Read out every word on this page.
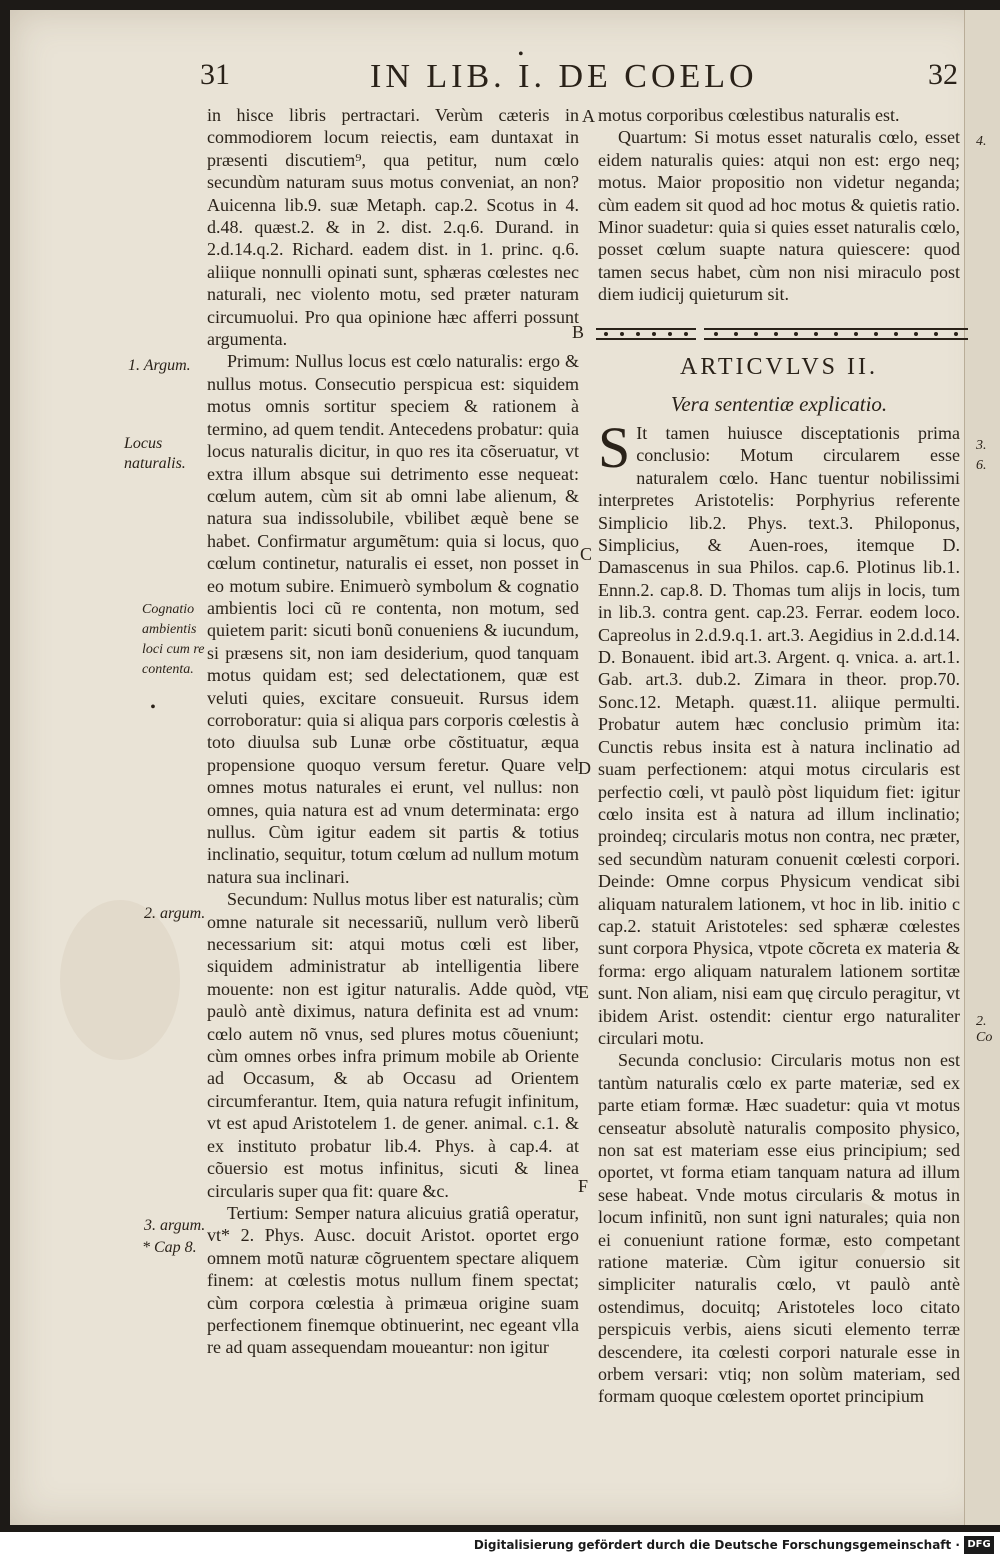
4.
3.
6.
2. Co
•
31	IN LIB. I. DE COELO	32

in hisce libris pertractari. Verùm cæteris in commodiorem locum reiectis, eam duntaxat in præsenti discutiem⁹, qua petitur, num cœlo secundùm naturam suus motus conveniat, an non? Auicenna lib.9. suæ Metaph. cap.2. Scotus in 4. d.48. quæst.2. & in 2. dist. 2.q.6. Durand. in 2.d.14.q.2. Richard. eadem dist. in 1. princ. q.6. aliique nonnulli opinati sunt, sphæras cœlestes nec naturali, nec violento motu, sed præter naturam circumuolui. Pro qua opinione hæc afferri possunt argumenta.

Primum: Nullus locus est cœlo naturalis: ergo & nullus motus. Consecutio perspicua est: siquidem motus omnis sortitur speciem & rationem à termino, ad quem tendit. Antecedens probatur: quia locus naturalis dicitur, in quo res ita cõseruatur, vt extra illum absque sui detrimento esse nequeat: cœlum autem, cùm sit ab omni labe alienum, & natura sua indissolubile, vbilibet æquè bene se habet. Confirmatur argumẽtum: quia si locus, quo cœlum continetur, naturalis ei esset, non posset in eo motum subire. Enimuerò symbolum & cognatio ambientis loci cũ re contenta, non motum, sed quietem parit: sicuti bonũ conueniens & iucundum, si præsens sit, non iam desiderium, quod tanquam motus quidam est; sed delectationem, quæ est veluti quies, excitare consueuit. Rursus idem corroboratur: quia si aliqua pars corporis cœlestis à toto diuulsa sub Lunæ orbe cõstituatur, æqua propensione quoquo versum feretur. Quare vel omnes motus naturales ei erunt, vel nullus: non omnes, quia natura est ad vnum determinata: ergo nullus. Cùm igitur eadem sit partis & totius inclinatio, sequitur, totum cœlum ad nullum motum natura sua inclinari.

Secundum: Nullus motus liber est naturalis; cùm omne naturale sit necessariũ, nullum verò liberũ necessarium sit: atqui motus cœli est liber, siquidem administratur ab intelligentia libere mouente: non est igitur naturalis. Adde quòd, vt paulò antè diximus, natura definita est ad vnum: cœlo autem nõ vnus, sed plures motus cõueniunt; cùm omnes orbes infra primum mobile ab Oriente ad Occasum, & ab Occasu ad Orientem circumferantur. Item, quia natura refugit infinitum, vt est apud Aristotelem 1. de gener. animal. c.1. & ex instituto probatur lib.4. Phys. à cap.4. at cõuersio est motus infinitus, sicuti & linea circularis super qua fit: quare &c.

Tertium: Semper natura alicuius gratiâ operatur, vt* 2. Phys. Ausc. docuit Aristot. oportet ergo omnem motũ naturæ cõgruentem spectare aliquem finem: at cœlestis motus nullum finem spectat; cùm corpora cœlestia à primæua origine suam perfectionem finemque obtinuerint, nec egeant vlla re ad quam assequendam moueantur: non igitur

1. Argum.
Locus naturalis.
Cognatio ambientis loci cum re contenta.
•
2. argum.
3. argum.
* Cap 8.
A
B
C
D
E
F

motus corporibus cœlestibus naturalis est.

Quartum: Si motus esset naturalis cœlo, esset eidem naturalis quies: atqui non est: ergo neq; motus. Maior propositio non videtur neganda; cùm eadem sit quod ad hoc motus & quietis ratio. Minor suadetur: quia si quies esset naturalis cœlo, posset cœlum suapte natura quiescere: quod tamen secus habet, cùm non nisi miraculo post diem iudicij quieturum sit.

ARTICVLVS II.
Vera sententiæ explicatio.

S It tamen huiusce disceptationis prima conclusio: Motum circularem esse naturalem cœlo. Hanc tuentur nobilissimi interpretes Aristotelis: Porphyrius referente Simplicio lib.2. Phys. text.3. Philoponus, Simplicius, & Auen-roes, itemque D. Damascenus in sua Philos. cap.6. Plotinus lib.1. Ennn.2. cap.8. D. Thomas tum alijs in locis, tum in lib.3. contra gent. cap.23. Ferrar. eodem loco. Capreolus in 2.d.9.q.1. art.3. Aegidius in 2.d.d.14. D. Bonauent. ibid art.3. Argent. q. vnica. a. art.1. Gab. art.3. dub.2. Zimara in theor. prop.70. Sonc.12. Metaph. quæst.11. aliique permulti. Probatur autem hæc conclusio primùm ita: Cunctis rebus insita est à natura inclinatio ad suam perfectionem: atqui motus circularis est perfectio cœli, vt paulò pòst liquidum fiet: igitur cœlo insita est à natura ad illum inclinatio; proindeq; circularis motus non contra, nec præter, sed secundùm naturam conuenit cœlesti corpori. Deinde: Omne corpus Physicum vendicat sibi aliquam naturalem lationem, vt hoc in lib. initio c cap.2. statuit Aristoteles: sed sphæræ cœlestes sunt corpora Physica, vtpote cõcreta ex materia & forma: ergo aliquam naturalem lationem sortitæ sunt. Non aliam, nisi eam quę circulo peragitur, vt ibidem Arist. ostendit: cientur ergo naturaliter circulari motu.

Secunda conclusio: Circularis motus non est tantùm naturalis cœlo ex parte materiæ, sed ex parte etiam formæ. Hæc suadetur: quia vt motus censeatur absolutè naturalis composito physico, non sat est materiam esse eius principium; sed oportet, vt forma etiam tanquam natura ad illum sese habeat. Vnde motus circularis & motus in locum infinitũ, non sunt igni naturales; quia non ei conueniunt ratione formæ, esto competant ratione materiæ. Cùm igitur conuersio sit simpliciter naturalis cœlo, vt paulò antè ostendimus, docuitq; Aristoteles loco citato perspicuis verbis, aiens sicuti elemento terræ descendere, ita cœlesti corpori naturale esse in orbem versari: vtiq; non solùm materiam, sed formam quoque cœlestem oportet principium

Digitalisierung gefördert durch die Deutsche Forschungsgemeinschaft · DFG
